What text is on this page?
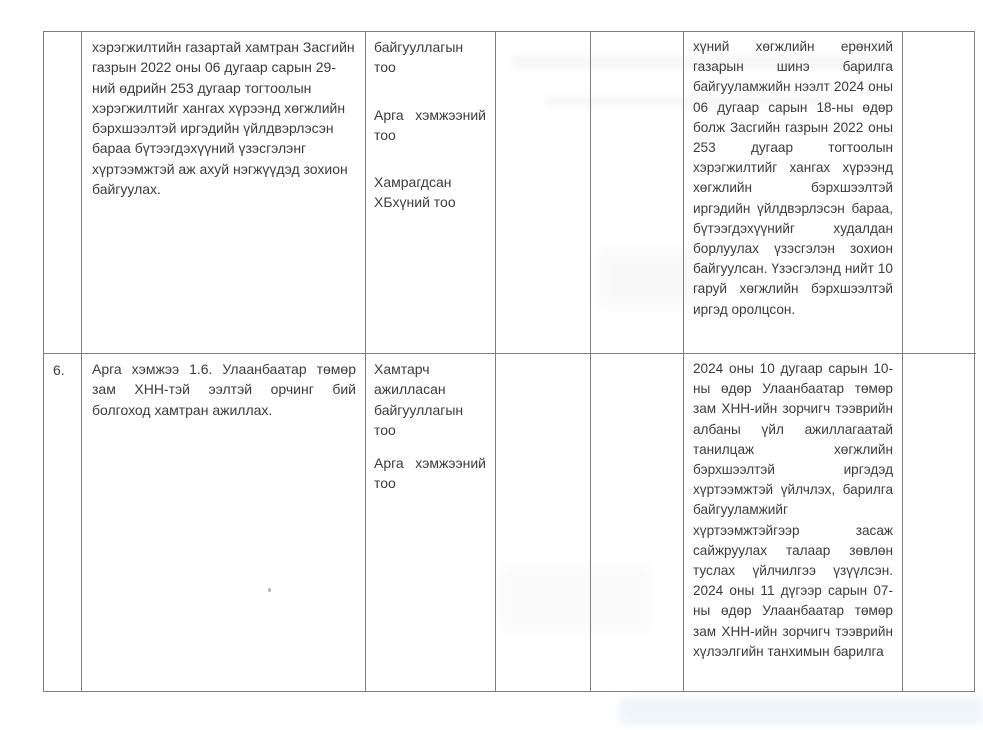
хэрэгжилтийн газартай хамтран Засгийн газрын 2022 оны 06 дугаар сарын 29-ний өдрийн 253 дугаар тогтоолын хэрэгжилтийг хангах хүрээнд хөгжлийн бэрхшээлтэй иргэдийн үйлдвэрлэсэн бараа бүтээгдэхүүний үзэсгэлэнг хүртээмжтэй аж ахуй нэгжүүдэд зохион байгуулах.

байгууллагын тоо

Арга хэмжээний тоо

Хамрагдсан ХБхүний тоо

хүний хөгжлийн ерөнхий газарын шинэ барилга байгууламжийн нээлт 2024 оны 06 дугаар сарын 18-ны өдөр болж Засгийн газрын 2022 оны 253 дугаар тогтоолын хэрэгжилтийг хангах хүрээнд хөгжлийн бэрхшээлтэй иргэдийн үйлдвэрлэсэн бараа, бүтээгдэхүүнийг худалдан борлуулах үзэсгэлэн зохион байгуулсан. Үзэсгэлэнд нийт 10 гаруй хөгжлийн бэрхшээлтэй иргэд оролцсон.

6.	Арга хэмжээ 1.6. Улаанбаатар төмөр зам ХНН-тэй ээлтэй орчинг бий болгоход хамтран ажиллах.

Хамтарч ажилласан байгууллагын тоо

Арга хэмжээний тоо

2024 оны 10 дугаар сарын 10-ны өдөр Улаанбаатар төмөр зам ХНН-ийн зорчигч тээврийн албаны үйл ажиллагаатай танилцаж хөгжлийн бэрхшээлтэй иргэдэд хүртээмжтэй үйлчлэх, барилга байгууламжийг хүртээмжтэйгээр засаж сайжруулах талаар зөвлөн туслах үйлчилгээ үзүүлсэн. 2024 оны 11 дүгээр сарын 07-ны өдөр Улаанбаатар төмөр зам ХНН-ийн зорчигч тээврийн хүлээлгийн танхимын барилга
